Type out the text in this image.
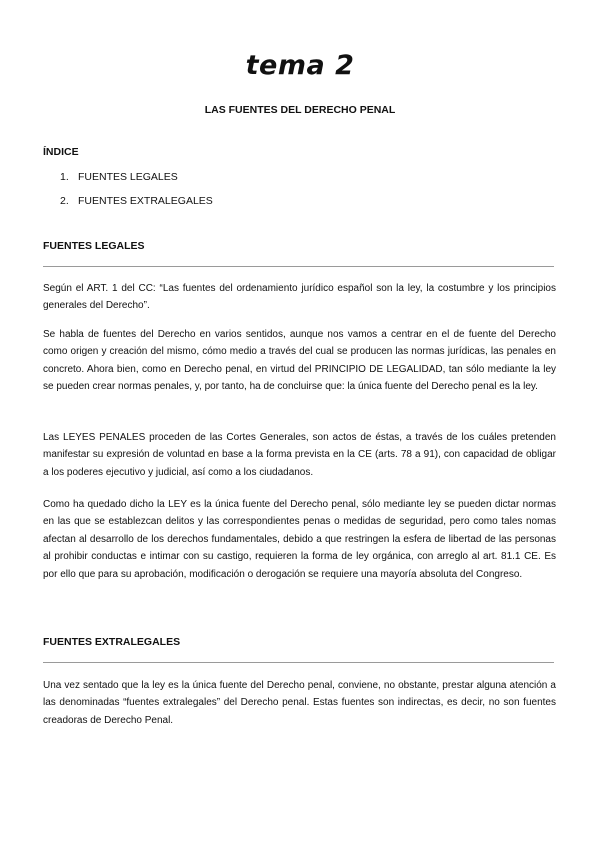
tema 2
LAS FUENTES DEL DERECHO PENAL
ÍNDICE
1. FUENTES LEGALES
2. FUENTES EXTRALEGALES
FUENTES LEGALES

Según el ART. 1 del CC: “Las fuentes del ordenamiento jurídico español son la ley, la costumbre y los principios generales del Derecho”.

Se habla de fuentes del Derecho en varios sentidos, aunque nos vamos a centrar en el de fuente del Derecho como origen y creación del mismo, cómo medio a través del cual se producen las normas jurídicas, las penales en concreto. Ahora bien, como en Derecho penal, en virtud del PRINCIPIO DE LEGALIDAD, tan sólo mediante la ley se pueden crear normas penales, y, por tanto, ha de concluirse que: la única fuente del Derecho penal es la ley.

Las LEYES PENALES proceden de las Cortes Generales, son actos de éstas, a través de los cuáles pretenden manifestar su expresión de voluntad en base a la forma prevista en la CE (arts. 78 a 91), con capacidad de obligar a los poderes ejecutivo y judicial, así como a los ciudadanos.

Como ha quedado dicho la LEY es la única fuente del Derecho penal, sólo mediante ley se pueden dictar normas en las que se establezcan delitos y las correspondientes penas o medidas de seguridad, pero como tales nomas afectan al desarrollo de los derechos fundamentales, debido a que restringen la esfera de libertad de las personas al prohibir conductas e intimar con su castigo, requieren la forma de ley orgánica, con arreglo al art. 81.1 CE. Es por ello que para su aprobación, modificación o derogación se requiere una mayoría absoluta del Congreso.

FUENTES EXTRALEGALES

Una vez sentado que la ley es la única fuente del Derecho penal, conviene, no obstante, prestar alguna atención a las denominadas “fuentes extralegales” del Derecho penal. Estas fuentes son indirectas, es decir, no son fuentes creadoras de Derecho Penal.
